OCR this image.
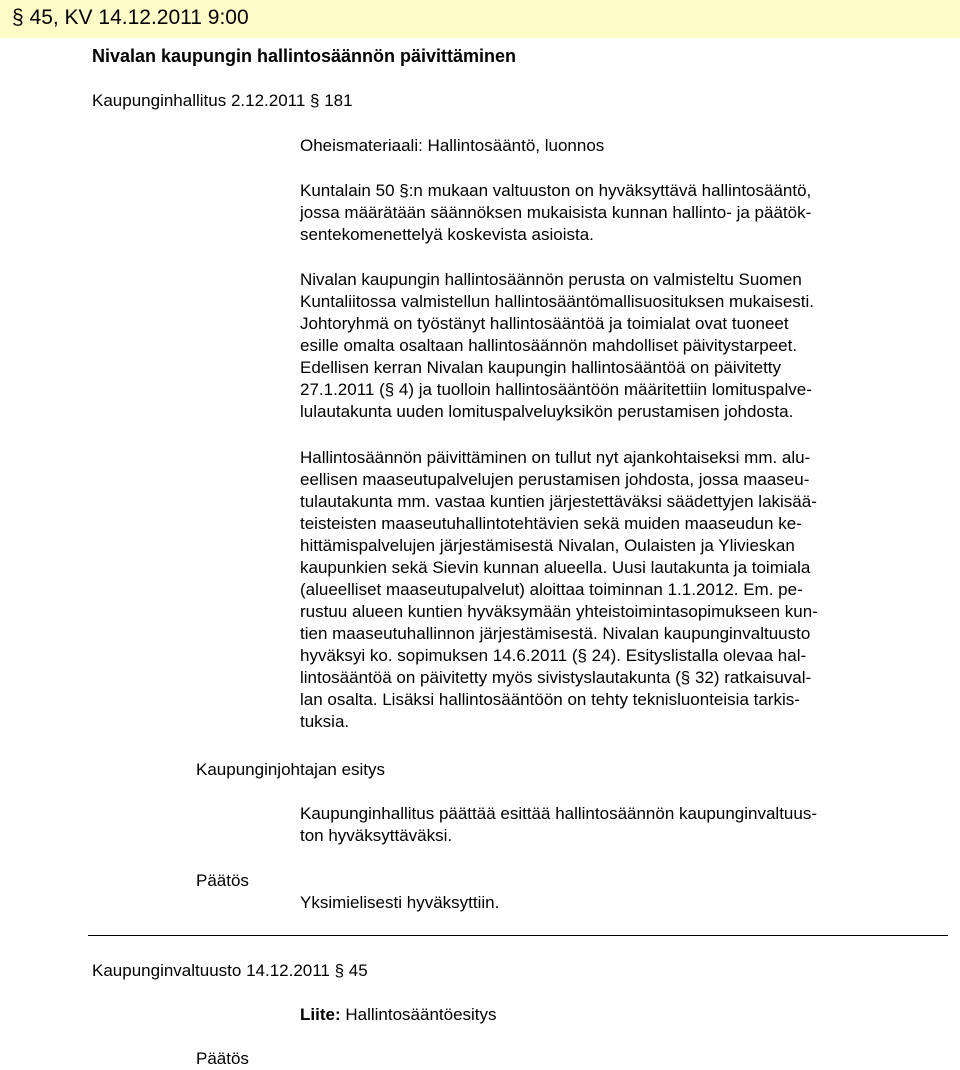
§ 45, KV 14.12.2011 9:00
Nivalan kaupungin hallintosäännön päivittäminen
Kaupunginhallitus 2.12.2011 § 181
Oheismateriaali: Hallintosääntö, luonnos
Kuntalain 50 §:n mukaan valtuuston on hyväksyttävä hallintosääntö,
jossa määrätään säännöksen mukaisista kunnan hallinto- ja päätök-
sentekomenettelyä koskevista asioista.
Nivalan kaupungin hallintosäännön perusta on valmisteltu Suomen
Kuntaliitossa valmistellun hallintosääntömallisuosituksen mukaisesti.
Johtoryhmä on työstänyt hallintosääntöä ja toimialat ovat tuoneet
esille omalta osaltaan hallintosäännön mahdolliset päivitystarpeet.
Edellisen kerran Nivalan kaupungin hallintosääntöä on päivitetty
27.1.2011 (§ 4) ja tuolloin hallintosääntöön määritettiin lomituspalve-
lulautakunta uuden lomituspalveluyksikön perustamisen johdosta.
Hallintosäännön päivittäminen on tullut nyt ajankohtaiseksi mm. alu-
eellisen maaseutupalvelujen perustamisen johdosta, jossa maaseu-
tulautakunta mm. vastaa kuntien järjestettäväksi säädettyjen lakisää-
teisteisten maaseutuhallintotehtävien sekä muiden maaseudun ke-
hittämispalvelujen järjestämisestä Nivalan, Oulaisten ja Ylivieskan
kaupunkien sekä Sievin kunnan alueella. Uusi lautakunta ja toimiala
(alueelliset maaseutupalvelut) aloittaa toiminnan 1.1.2012. Em. pe-
rustuu alueen kuntien hyväksymään yhteistoimintasopimukseen kun-
tien maaseutuhallinnon järjestämisestä. Nivalan kaupunginvaltuusto
hyväksyi ko. sopimuksen 14.6.2011 (§ 24). Esityslistalla olevaa hal-
lintosääntöä on päivitetty myös sivistyslautakunta (§ 32) ratkaisuval-
lan osalta. Lisäksi hallintosääntöön on tehty teknisluonteisia tarkis-
tuksia.
Kaupunginjohtajan esitys
Kaupunginhallitus päättää esittää hallintosäännön kaupunginvaltuus-
ton hyväksyttäväksi.
Päätös
Yksimielisesti hyväksyttiin.
Kaupunginvaltuusto 14.12.2011 § 45
Liite: Hallintosääntöesitys
Päätös
